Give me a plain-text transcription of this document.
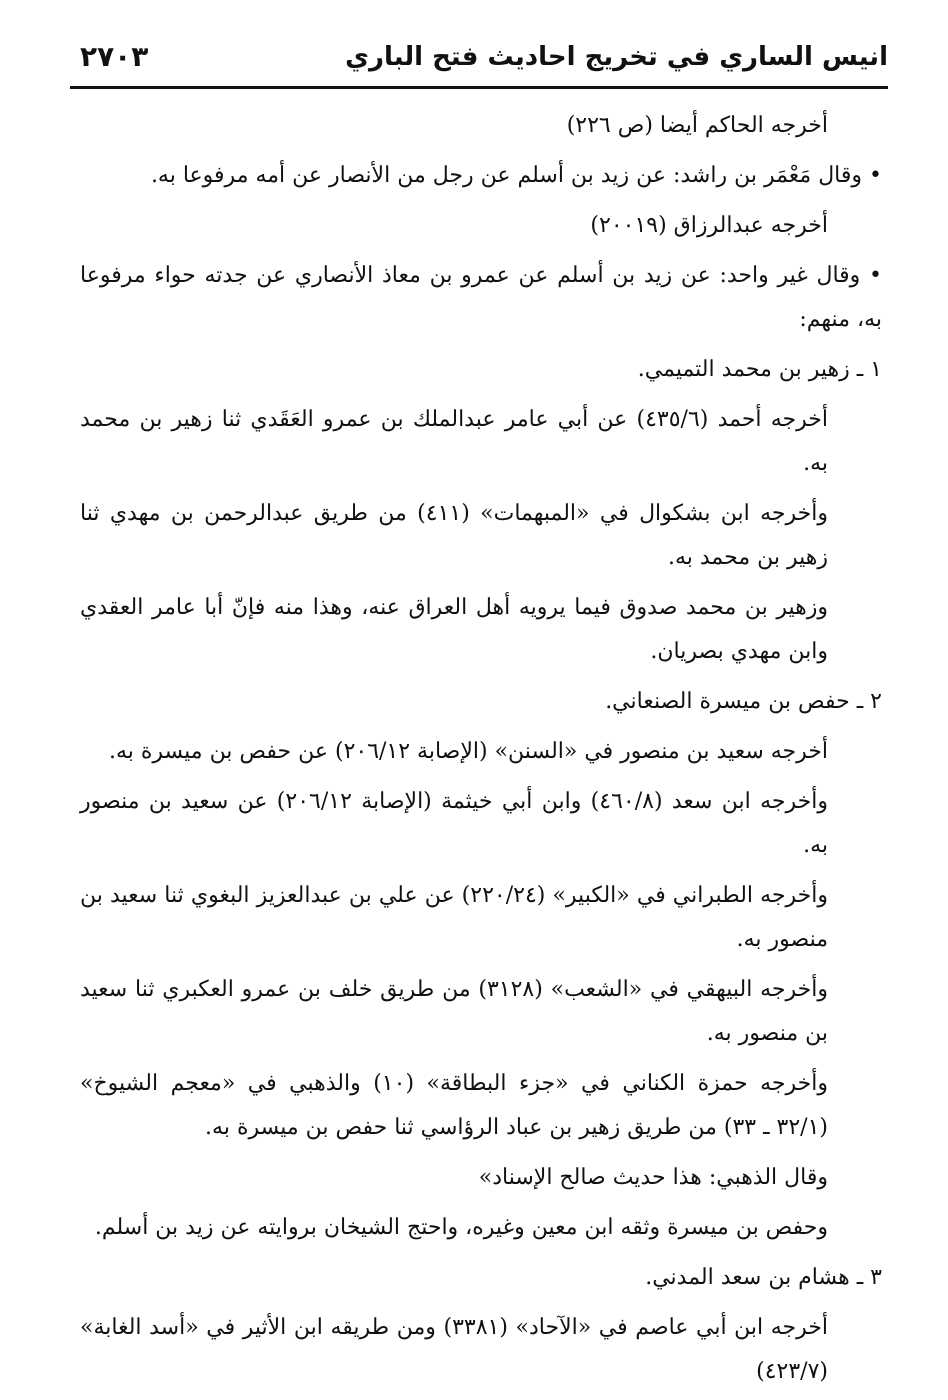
انيس الساري في تخريج احاديث فتح الباري
٢٧٠٣

أخرجه الحاكم أيضا (ص ٢٢٦)

• وقال مَعْمَر بن راشد: عن زيد بن أسلم عن رجل من الأنصار عن أمه مرفوعا به.

أخرجه عبدالرزاق (٢٠٠١٩)

• وقال غير واحد: عن زيد بن أسلم عن عمرو بن معاذ الأنصاري عن جدته حواء مرفوعا به، منهم:

١ ـ زهير بن محمد التميمي.

أخرجه أحمد (٤٣٥/٦) عن أبي عامر عبدالملك بن عمرو العَقَدي ثنا زهير بن محمد به.

وأخرجه ابن بشكوال في «المبهمات» (٤١١) من طريق عبدالرحمن بن مهدي ثنا زهير بن محمد به.

وزهير بن محمد صدوق فيما يرويه أهل العراق عنه، وهذا منه فإنّ أبا عامر العقدي وابن مهدي بصريان.

٢ ـ حفص بن ميسرة الصنعاني.

أخرجه سعيد بن منصور في «السنن» (الإصابة ٢٠٦/١٢) عن حفص بن ميسرة به.

وأخرجه ابن سعد (٤٦٠/٨) وابن أبي خيثمة (الإصابة ٢٠٦/١٢) عن سعيد بن منصور به.

وأخرجه الطبراني في «الكبير» (٢٢٠/٢٤) عن علي بن عبدالعزيز البغوي ثنا سعيد بن منصور به.

وأخرجه البيهقي في «الشعب» (٣١٢٨) من طريق خلف بن عمرو العكبري ثنا سعيد بن منصور به.

وأخرجه حمزة الكناني في «جزء البطاقة» (١٠) والذهبي في «معجم الشيوخ» (٣٢/١ ـ ٣٣) من طريق زهير بن عباد الرؤاسي ثنا حفص بن ميسرة به.

وقال الذهبي: هذا حديث صالح الإسناد»

وحفص بن ميسرة وثقه ابن معين وغيره، واحتج الشيخان بروايته عن زيد بن أسلم.

٣ ـ هشام بن سعد المدني.

أخرجه ابن أبي عاصم في «الآحاد» (٣٣٨١) ومن طريقه ابن الأثير في «أسد الغابة» (٤٢٣/٧)
